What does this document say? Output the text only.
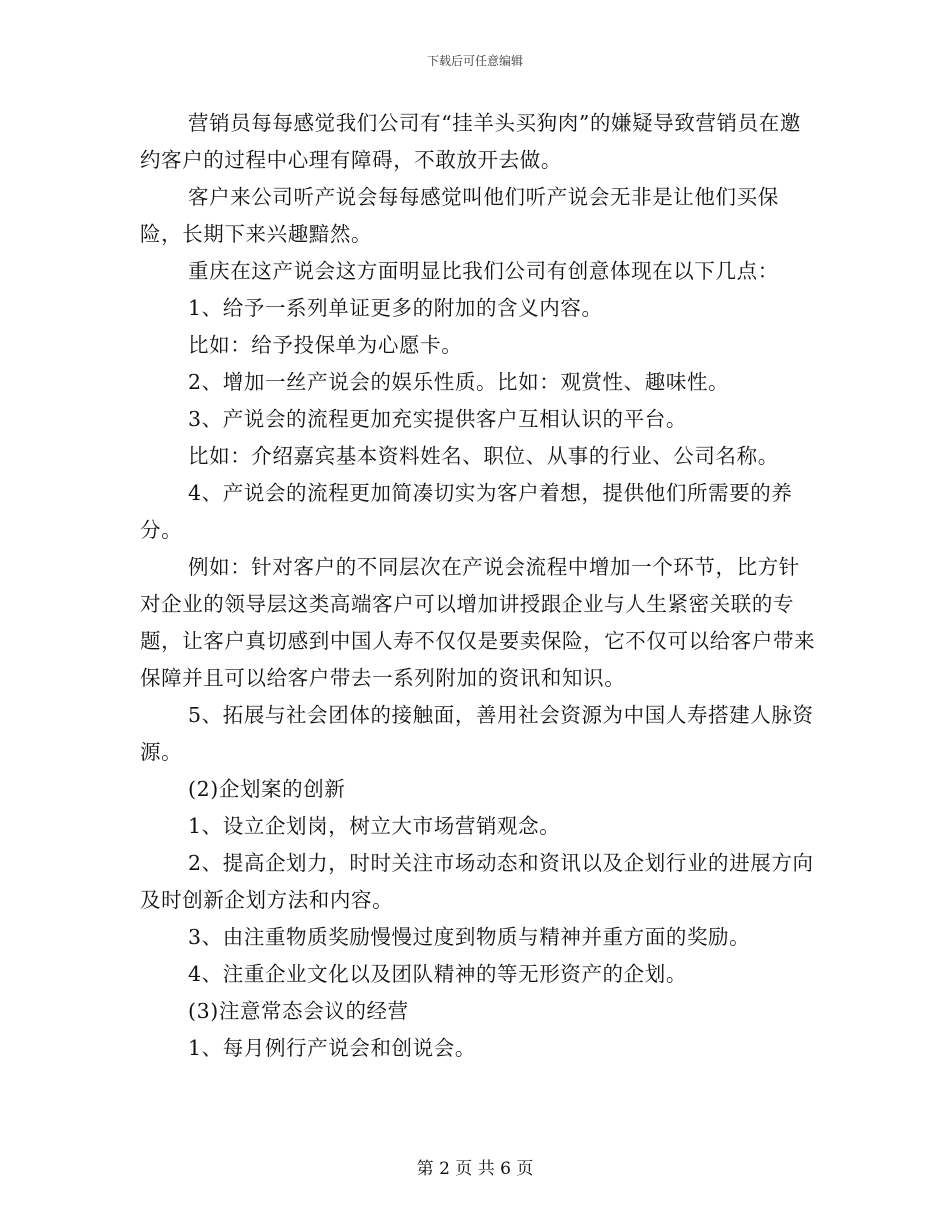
下载后可任意编辑

营销员每每感觉我们公司有“挂羊头买狗肉”的嫌疑导致营销员在邀约客户的过程中心理有障碍，不敢放开去做。

客户来公司听产说会每每感觉叫他们听产说会无非是让他们买保险，长期下来兴趣黯然。

重庆在这产说会这方面明显比我们公司有创意体现在以下几点：

1、给予一系列单证更多的附加的含义内容。

比如：给予投保单为心愿卡。

2、增加一丝产说会的娱乐性质。比如：观赏性、趣味性。

3、产说会的流程更加充实提供客户互相认识的平台。

比如：介绍嘉宾基本资料姓名、职位、从事的行业、公司名称。

4、产说会的流程更加简凑切实为客户着想，提供他们所需要的养分。

例如：针对客户的不同层次在产说会流程中增加一个环节，比方针对企业的领导层这类高端客户可以增加讲授跟企业与人生紧密关联的专题，让客户真切感到中国人寿不仅仅是要卖保险，它不仅可以给客户带来保障并且可以给客户带去一系列附加的资讯和知识。

5、拓展与社会团体的接触面，善用社会资源为中国人寿搭建人脉资源。

(2)企划案的创新

1、设立企划岗，树立大市场营销观念。

2、提高企划力，时时关注市场动态和资讯以及企划行业的进展方向及时创新企划方法和内容。

3、由注重物质奖励慢慢过度到物质与精神并重方面的奖励。

4、注重企业文化以及团队精神的等无形资产的企划。

(3)注意常态会议的经营

1、每月例行产说会和创说会。

第 2 页 共 6 页
